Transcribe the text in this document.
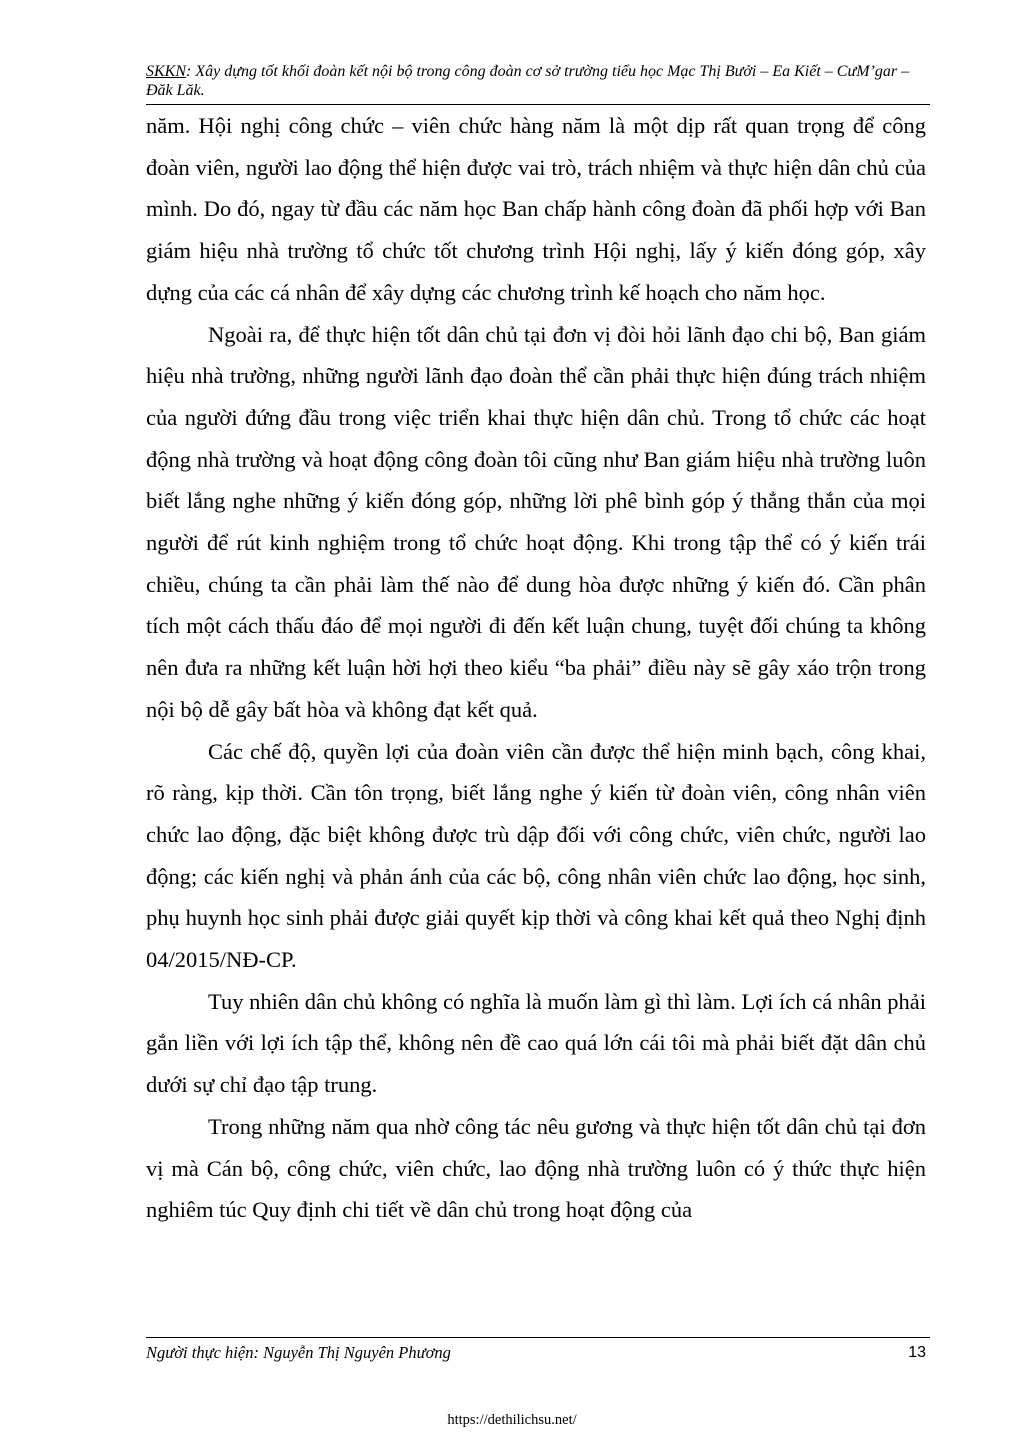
SKKN: Xây dựng tốt khối đoàn kết nội bộ trong công đoàn cơ sở trường tiểu học Mạc Thị Bưởi – Ea Kiết – CưM’gar – Đăk Lăk.

năm. Hội nghị công chức – viên chức hàng năm là một dịp rất quan trọng để công đoàn viên, người lao động thể hiện được vai trò, trách nhiệm và thực hiện dân chủ của mình. Do đó, ngay từ đầu các năm học Ban chấp hành công đoàn đã phối hợp với Ban giám hiệu nhà trường tổ chức tốt chương trình Hội nghị, lấy ý kiến đóng góp, xây dựng của các cá nhân để xây dựng các chương trình kế hoạch cho năm học.

Ngoài ra, để thực hiện tốt dân chủ tại đơn vị đòi hỏi lãnh đạo chi bộ, Ban giám hiệu nhà trường, những người lãnh đạo đoàn thể cần phải thực hiện đúng trách nhiệm của người đứng đầu trong việc triển khai thực hiện dân chủ. Trong tổ chức các hoạt động nhà trường và hoạt động công đoàn tôi cũng như Ban giám hiệu nhà trường luôn biết lắng nghe những ý kiến đóng góp, những lời phê bình góp ý thẳng thắn của mọi người để rút kinh nghiệm trong tổ chức hoạt động. Khi trong tập thể có ý kiến trái chiều, chúng ta cần phải làm thế nào để dung hòa được những ý kiến đó. Cần phân tích một cách thấu đáo để mọi người đi đến kết luận chung, tuyệt đối chúng ta không nên đưa ra những kết luận hời hợi theo kiểu “ba phải” điều này sẽ gây xáo trộn trong nội bộ dễ gây bất hòa và không đạt kết quả.

Các chế độ, quyền lợi của đoàn viên cần được thể hiện minh bạch, công khai, rõ ràng, kịp thời. Cần tôn trọng, biết lắng nghe ý kiến từ đoàn viên, công nhân viên chức lao động, đặc biệt không được trù dập đối với công chức, viên chức, người lao động; các kiến nghị và phản ánh của các bộ, công nhân viên chức lao động, học sinh, phụ huynh học sinh phải được giải quyết kịp thời và công khai kết quả theo Nghị định 04/2015/NĐ-CP.

Tuy nhiên dân chủ không có nghĩa là muốn làm gì thì làm. Lợi ích cá nhân phải gắn liền với lợi ích tập thể, không nên đề cao quá lớn cái tôi mà phải biết đặt dân chủ dưới sự chỉ đạo tập trung.

Trong những năm qua nhờ công tác nêu gương và thực hiện tốt dân chủ tại đơn vị mà Cán bộ, công chức, viên chức, lao động nhà trường luôn có ý thức thực hiện nghiêm túc Quy định chi tiết về dân chủ trong hoạt động của

Người thực hiện: Nguyễn Thị Nguyên Phương	13
https://dethilichsu.net/
